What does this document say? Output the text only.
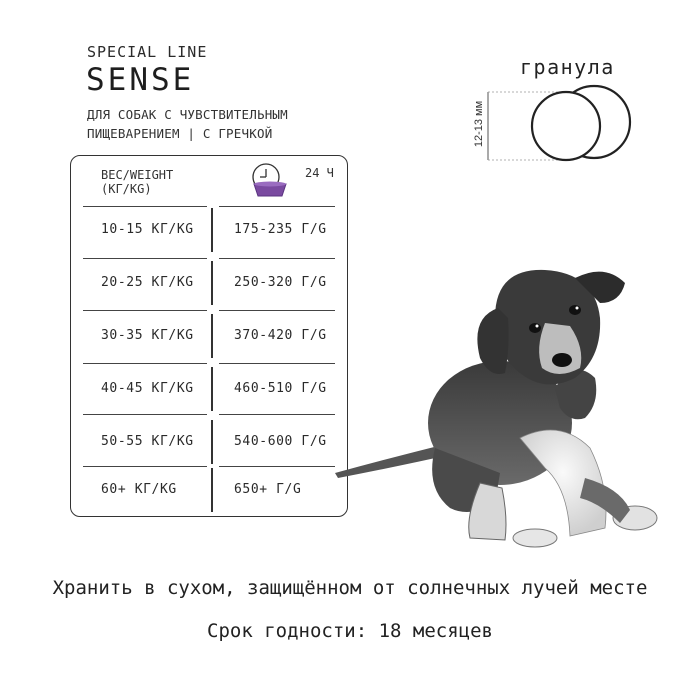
SPECIAL LINE
SENSE
ДЛЯ СОБАК С ЧУВСТВИТЕЛЬНЫМ
ПИЩЕВАРЕНИЕМ | С ГРЕЧКОЙ
ВЕС/WEIGHT
(КГ/KG)
24 Ч
10-15 КГ/KG	175-235 Г/G
20-25 КГ/KG	250-320 Г/G
30-35 КГ/KG	370-420 Г/G
40-45 КГ/KG	460-510 Г/G
50-55 КГ/KG	540-600 Г/G
60+ КГ/KG	650+ Г/G
гранула
12-13 мм
Хранить в сухом, защищённом от солнечных лучей месте
Срок годности: 18 месяцев
